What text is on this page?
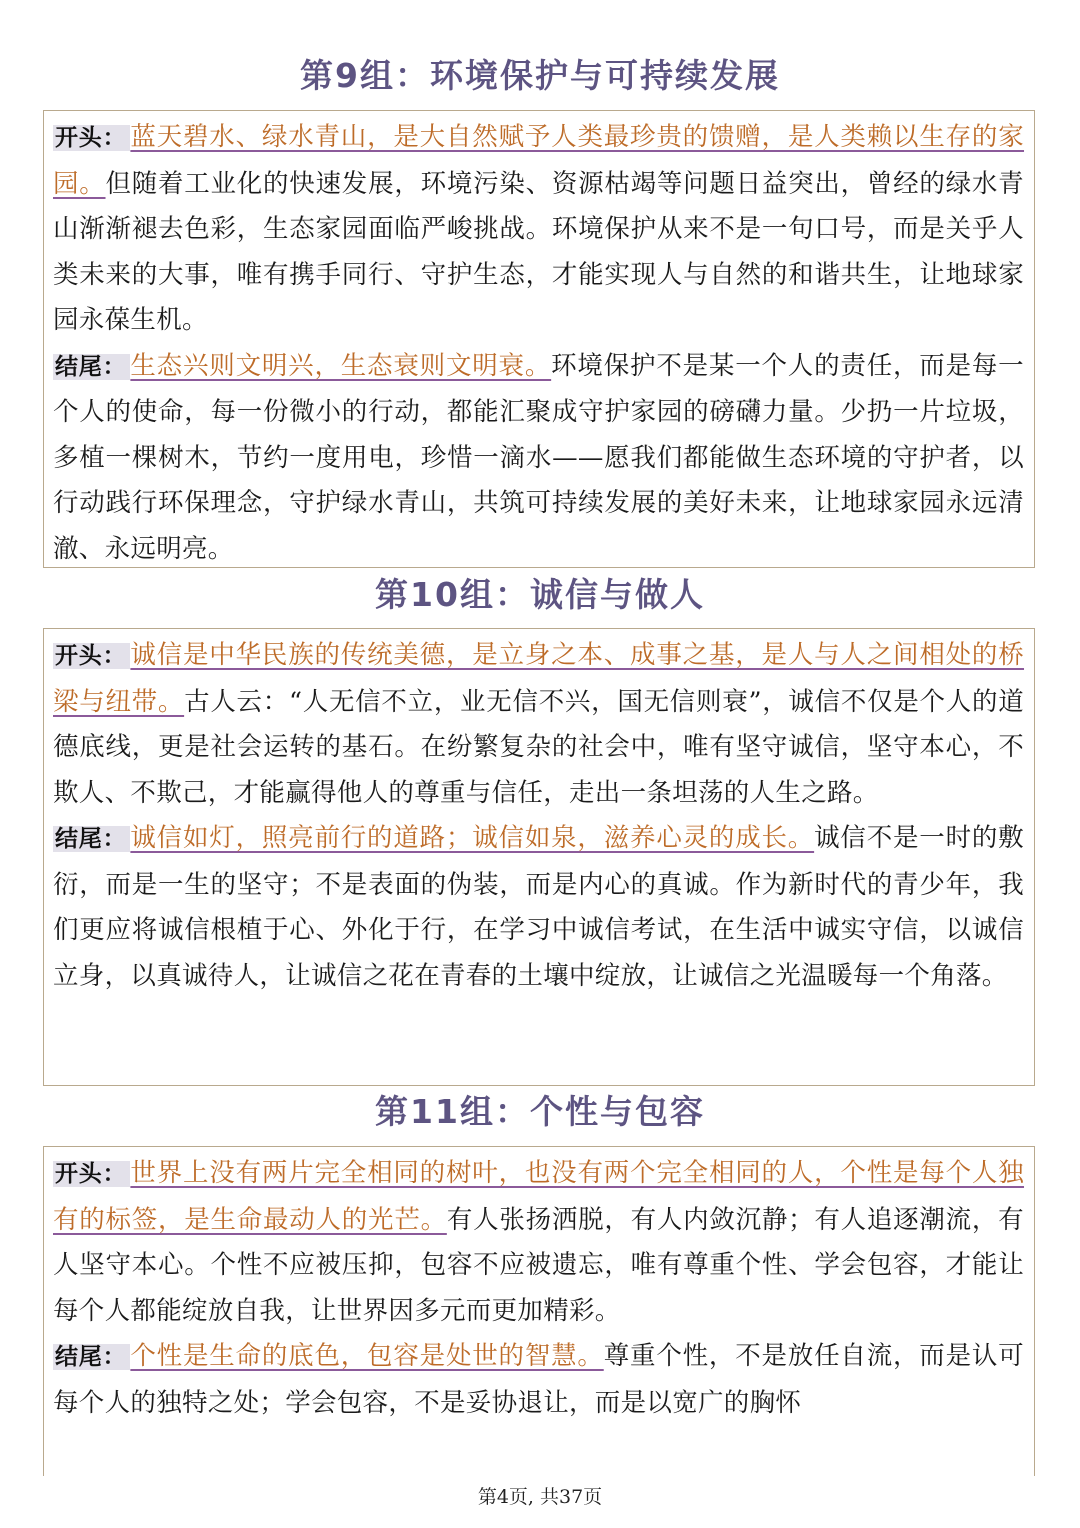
第9组：环境保护与可持续发展

开头： 蓝天碧水、绿水青山，是大自然赋予人类最珍贵的馈赠，是人类赖以生存的家园。但随着工业化的快速发展，环境污染、资源枯竭等问题日益突出，曾经的绿水青山渐渐褪去色彩，生态家园面临严峻挑战。环境保护从来不是一句口号，而是关乎人类未来的大事，唯有携手同行、守护生态，才能实现人与自然的和谐共生，让地球家园永葆生机。

结尾： 生态兴则文明兴，生态衰则文明衰。环境保护不是某一个人的责任，而是每一个人的使命，每一份微小的行动，都能汇聚成守护家园的磅礴力量。少扔一片垃圾，多植一棵树木，节约一度用电，珍惜一滴水——愿我们都能做生态环境的守护者，以行动践行环保理念，守护绿水青山，共筑可持续发展的美好未来，让地球家园永远清澈、永远明亮。

第10组：诚信与做人

开头： 诚信是中华民族的传统美德，是立身之本、成事之基，是人与人之间相处的桥梁与纽带。古人云：“人无信不立，业无信不兴，国无信则衰”，诚信不仅是个人的道德底线，更是社会运转的基石。在纷繁复杂的社会中，唯有坚守诚信，坚守本心，不欺人、不欺己，才能赢得他人的尊重与信任，走出一条坦荡的人生之路。

结尾： 诚信如灯，照亮前行的道路；诚信如泉，滋养心灵的成长。诚信不是一时的敷衍，而是一生的坚守；不是表面的伪装，而是内心的真诚。作为新时代的青少年，我们更应将诚信根植于心、外化于行，在学习中诚信考试，在生活中诚实守信，以诚信立身，以真诚待人，让诚信之花在青春的土壤中绽放，让诚信之光温暖每一个角落。

第11组：个性与包容

开头： 世界上没有两片完全相同的树叶，也没有两个完全相同的人，个性是每个人独有的标签，是生命最动人的光芒。有人张扬洒脱，有人内敛沉静；有人追逐潮流，有人坚守本心。个性不应被压抑，包容不应被遗忘，唯有尊重个性、学会包容，才能让每个人都能绽放自我，让世界因多元而更加精彩。

结尾： 个性是生命的底色，包容是处世的智慧。尊重个性，不是放任自流，而是认可每个人的独特之处；学会包容，不是妥协退让，而是以宽广的胸怀

第4页, 共37页
